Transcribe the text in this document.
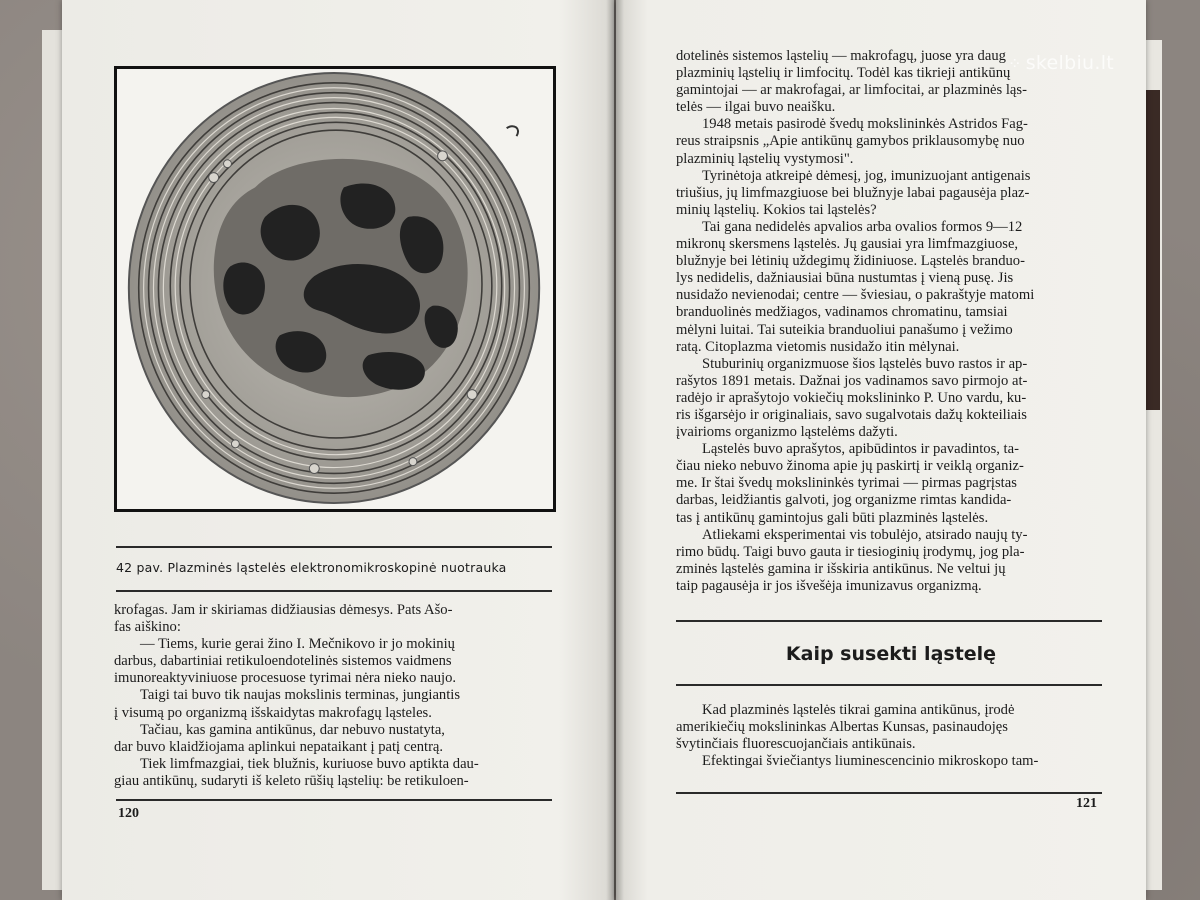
⁘ skelbiu.lt
42 pav. Plazminės ląstelės elektronomikroskopinė nuotrauka
krofagas. Jam ir skiriamas didžiausias dėmesys. Pats Ašo-
fas aiškino:
— Tiems, kurie gerai žino I. Mečnikovo ir jo mokinių
darbus, dabartiniai retikuloendotelinės sistemos vaidmens
imunoreaktyviniuose procesuose tyrimai nėra nieko naujo.
Taigi tai buvo tik naujas mokslinis terminas, jungiantis
į visumą po organizmą išskaidytas makrofagų ląsteles.
Tačiau, kas gamina antikūnus, dar nebuvo nustatyta,
dar buvo klaidžiojama aplinkui nepataikant į patį centrą.
Tiek limfmazgiai, tiek blužnis, kuriuose buvo aptikta dau-
giau antikūnų, sudaryti iš keleto rūšių ląstelių: be retikuloen-
120
dotelinės sistemos ląstelių — makrofagų, juose yra daug
plazminių ląstelių ir limfocitų. Todėl kas tikrieji antikūnų
gamintojai — ar makrofagai, ar limfocitai, ar plazminės ląs-
telės — ilgai buvo neaišku.
1948 metais pasirodė švedų mokslininkės Astridos Fag-
reus straipsnis „Apie antikūnų gamybos priklausomybę nuo
plazminių ląstelių vystymosi".
Tyrinėtoja atkreipė dėmesį, jog, imunizuojant antigenais
triušius, jų limfmazgiuose bei blužnyje labai pagausėja plaz-
minių ląstelių. Kokios tai ląstelės?
Tai gana nedidelės apvalios arba ovalios formos 9—12
mikronų skersmens ląstelės. Jų gausiai yra limfmazgiuose,
blužnyje bei lėtinių uždegimų židiniuose. Ląstelės branduo-
lys nedidelis, dažniausiai būna nustumtas į vieną pusę. Jis
nusidažo nevienodai; centre — šviesiau, o pakraštyje matomi
branduolinės medžiagos, vadinamos chromatinu, tamsiai
mėlyni luitai. Tai suteikia branduoliui panašumo į vežimo
ratą. Citoplazma vietomis nusidažo itin mėlynai.
Stuburinių organizmuose šios ląstelės buvo rastos ir ap-
rašytos 1891 metais. Dažnai jos vadinamos savo pirmojo at-
radėjo ir aprašytojo vokiečių mokslininko P. Uno vardu, ku-
ris išgarsėjo ir originaliais, savo sugalvotais dažų kokteiliais
įvairioms organizmo ląstelėms dažyti.
Ląstelės buvo aprašytos, apibūdintos ir pavadintos, ta-
čiau nieko nebuvo žinoma apie jų paskirtį ir veiklą organiz-
me. Ir štai švedų mokslininkės tyrimai — pirmas pagrįstas
darbas, leidžiantis galvoti, jog organizme rimtas kandida-
tas į antikūnų gamintojus gali būti plazminės ląstelės.
Atliekami eksperimentai vis tobulėjo, atsirado naujų ty-
rimo būdų. Taigi buvo gauta ir tiesioginių įrodymų, jog pla-
zminės ląstelės gamina ir išskiria antikūnus. Ne veltui jų
taip pagausėja ir jos išvešėja imunizavus organizmą.
Kaip susekti ląstelę
Kad plazminės ląstelės tikrai gamina antikūnus, įrodė
amerikiečių mokslininkas Albertas Kunsas, pasinaudojęs
švytinčiais fluorescuojančiais antikūnais.
Efektingai šviečiantys liuminescencinio mikroskopo tam-
121
